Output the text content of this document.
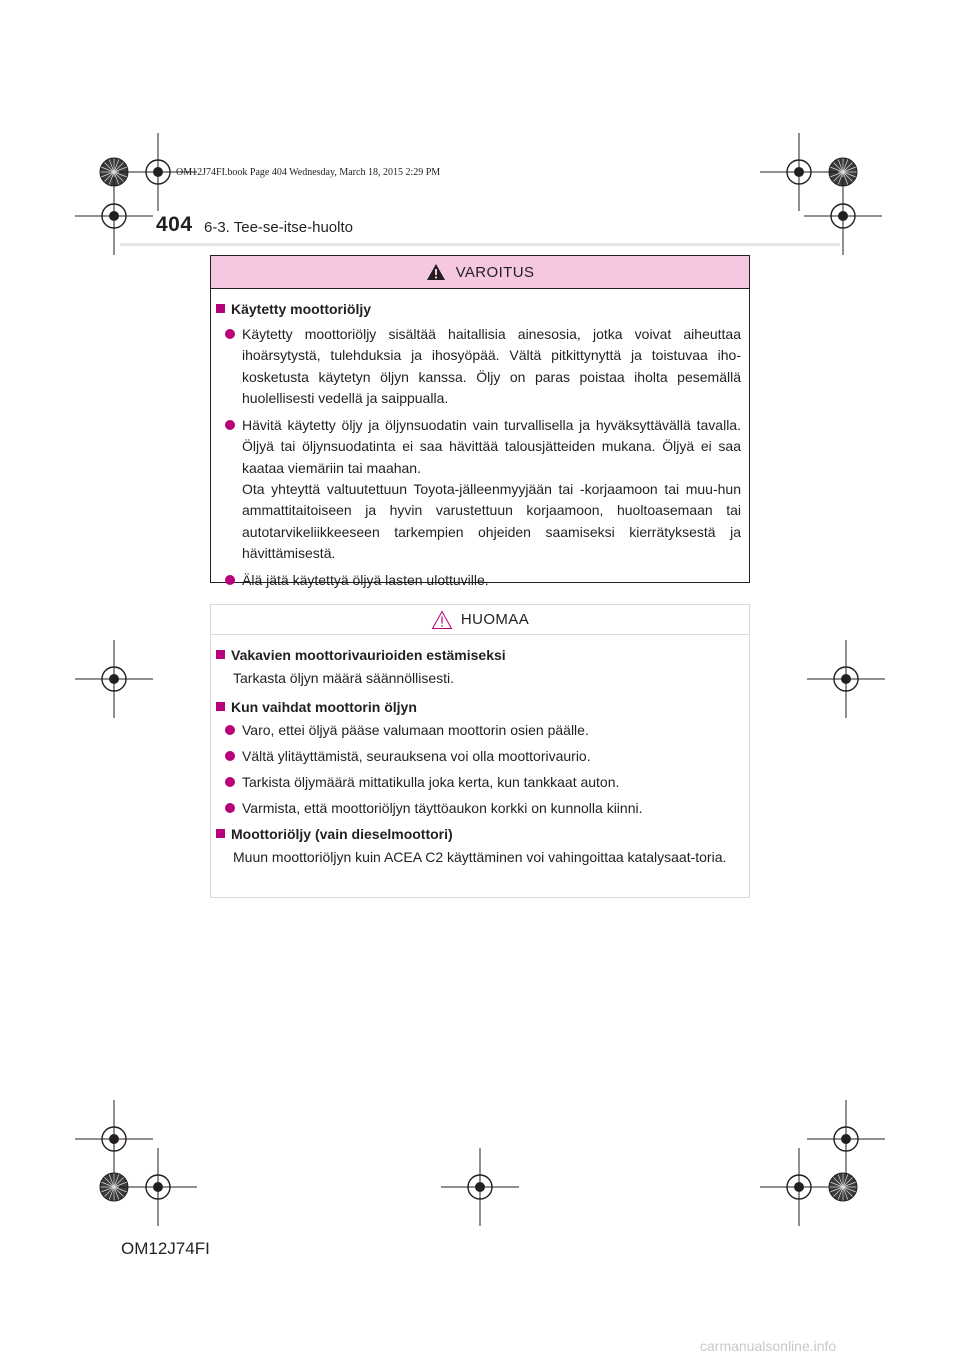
OM12J74FI.book Page 404 Wednesday, March 18, 2015 2:29 PM
404 6-3. Tee-se-itse-huolto
VAROITUS
Käytetty moottoriöljy

Käytetty moottoriöljy sisältää haitallisia ainesosia, jotka voivat aiheuttaa ihoärsytystä, tulehduksia ja ihosyöpää. Vältä pitkittynyttä ja toistuvaa iho-kosketusta käytetyn öljyn kanssa. Öljy on paras poistaa iholta pesemällä huolellisesti vedellä ja saippualla.

Hävitä käytetty öljy ja öljynsuodatin vain turvallisella ja hyväksyttävällä tavalla. Öljyä tai öljynsuodatinta ei saa hävittää talousjätteiden mukana. Öljyä ei saa kaataa viemäriin tai maahan.

Ota yhteyttä valtuutettuun Toyota-jälleenmyyjään tai -korjaamoon tai muu-hun ammattitaitoiseen ja hyvin varustettuun korjaamoon, huoltoasemaan tai autotarvikeliikkeeseen tarkempien ohjeiden saamiseksi kierrätyksestä ja hävittämisestä.

Älä jätä käytettyä öljyä lasten ulottuville.

HUOMAA
Vakavien moottorivaurioiden estämiseksi

Tarkasta öljyn määrä säännöllisesti.

Kun vaihdat moottorin öljyn

Varo, ettei öljyä pääse valumaan moottorin osien päälle.

Vältä ylitäyttämistä, seurauksena voi olla moottorivaurio.

Tarkista öljymäärä mittatikulla joka kerta, kun tankkaat auton.

Varmista, että moottoriöljyn täyttöaukon korkki on kunnolla kiinni.

Moottoriöljy (vain dieselmoottori)

Muun moottoriöljyn kuin ACEA C2 käyttäminen voi vahingoittaa katalysaat-toria.

OM12J74FI
carmanualsonline.info
